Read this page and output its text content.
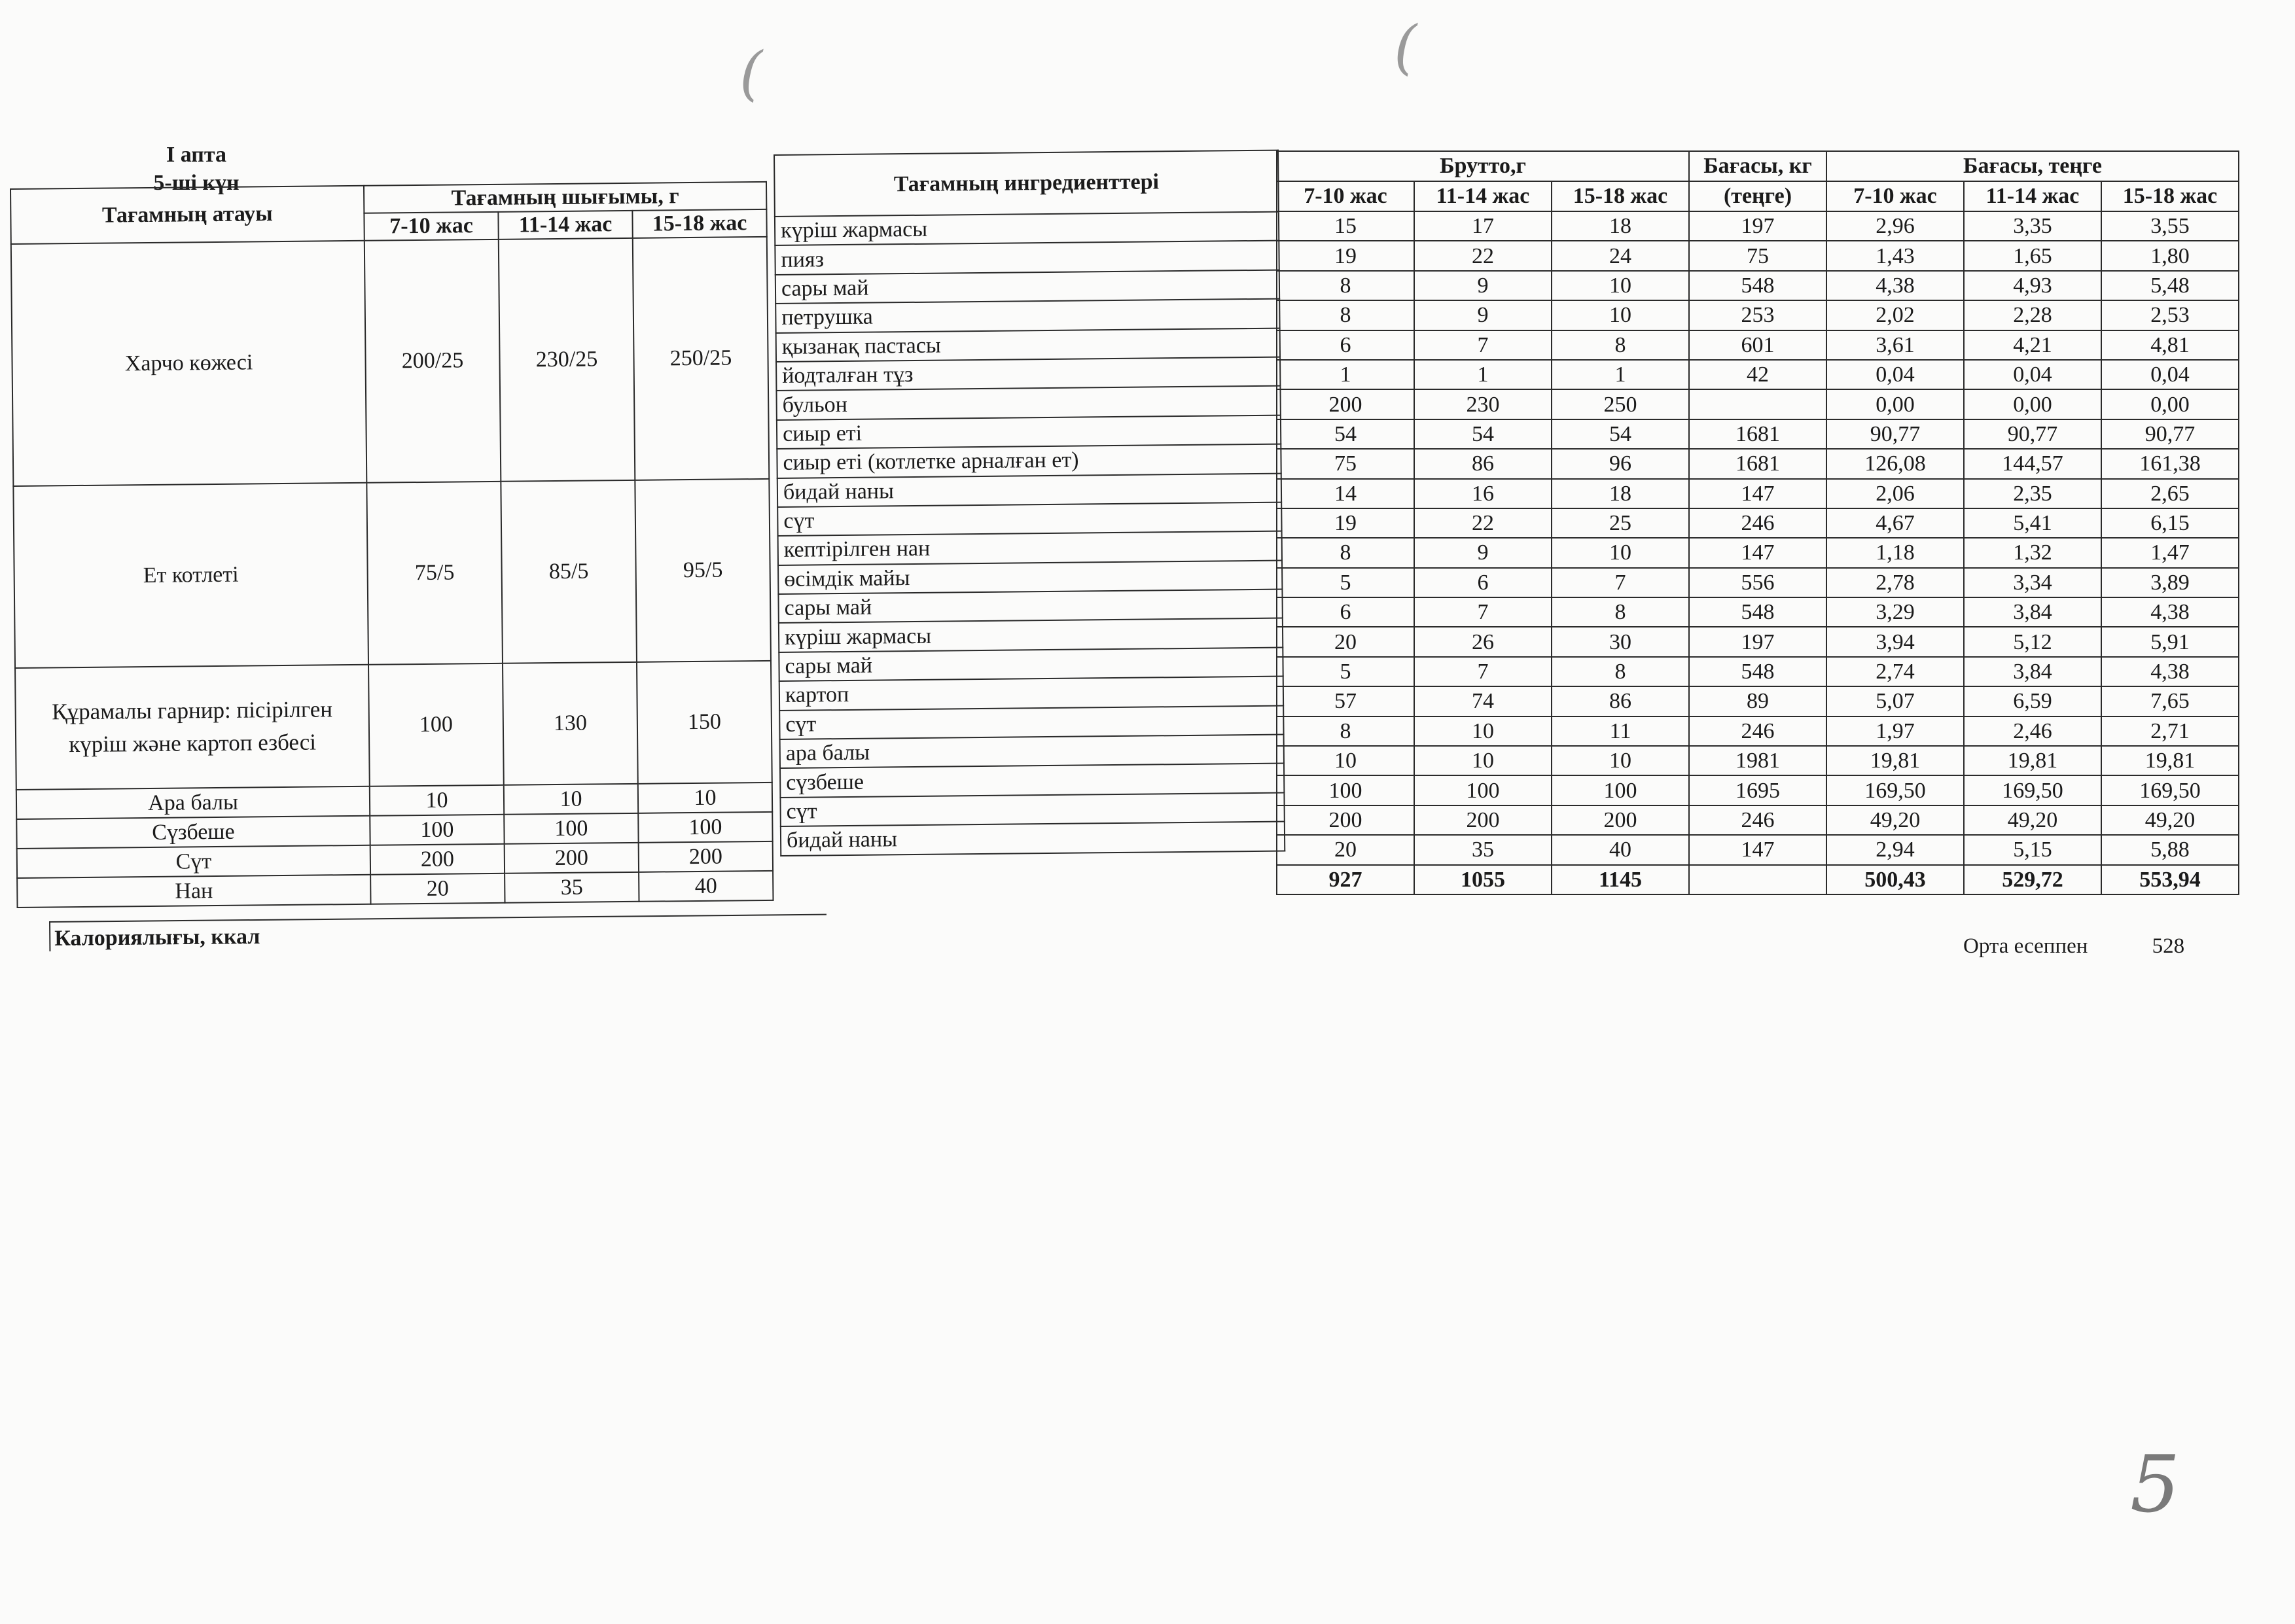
(	(
I апта
5-ші күн
Тағамның атауы	Тағамның шығымы, г		
	7-10 жас	11-14 жас	15-18 жас
Харчо көжесі	200/25	230/25	250/25
Ет котлеті	75/5	85/5	95/5
Құрамалы гарнир: пісірілген күріш және картоп езбесі	100	130	150
Ара балы	10	10	10
Сүзбеше	100	100	100
Сүт	200	200	200
Нан	20	35	40
Тағамның ингредиенттері
күріш жармасы
пияз
сары май
петрушка
қызанақ пастасы
йодталған тұз
бульон
сиыр еті
сиыр еті (котлетке арналған ет)
бидай наны
сүт
кептірілген нан
өсімдік майы
сары май
күріш жармасы
сары май
картоп
сүт
ара балы
сүзбеше
сүт
бидай наны
Брутто,г			Бағасы, кг	Бағасы, теңге		
7-10 жас	11-14 жас	15-18 жас	(теңге)	7-10 жас	11-14 жас	15-18 жас
15	17	18	197	2,96	3,35	3,55
19	22	24	75	1,43	1,65	1,80
8	9	10	548	4,38	4,93	5,48
8	9	10	253	2,02	2,28	2,53
6	7	8	601	3,61	4,21	4,81
1	1	1	42	0,04	0,04	0,04
200	230	250		0,00	0,00	0,00
54	54	54	1681	90,77	90,77	90,77
75	86	96	1681	126,08	144,57	161,38
14	16	18	147	2,06	2,35	2,65
19	22	25	246	4,67	5,41	6,15
8	9	10	147	1,18	1,32	1,47
5	6	7	556	2,78	3,34	3,89
6	7	8	548	3,29	3,84	4,38
20	26	30	197	3,94	5,12	5,91
5	7	8	548	2,74	3,84	4,38
57	74	86	89	5,07	6,59	7,65
8	10	11	246	1,97	2,46	2,71
10	10	10	1981	19,81	19,81	19,81
100	100	100	1695	169,50	169,50	169,50
200	200	200	246	49,20	49,20	49,20
20	35	40	147	2,94	5,15	5,88
927	1055	1145		500,43	529,72	553,94
Калориялығы, ккал	Орта есеппен	528
5
